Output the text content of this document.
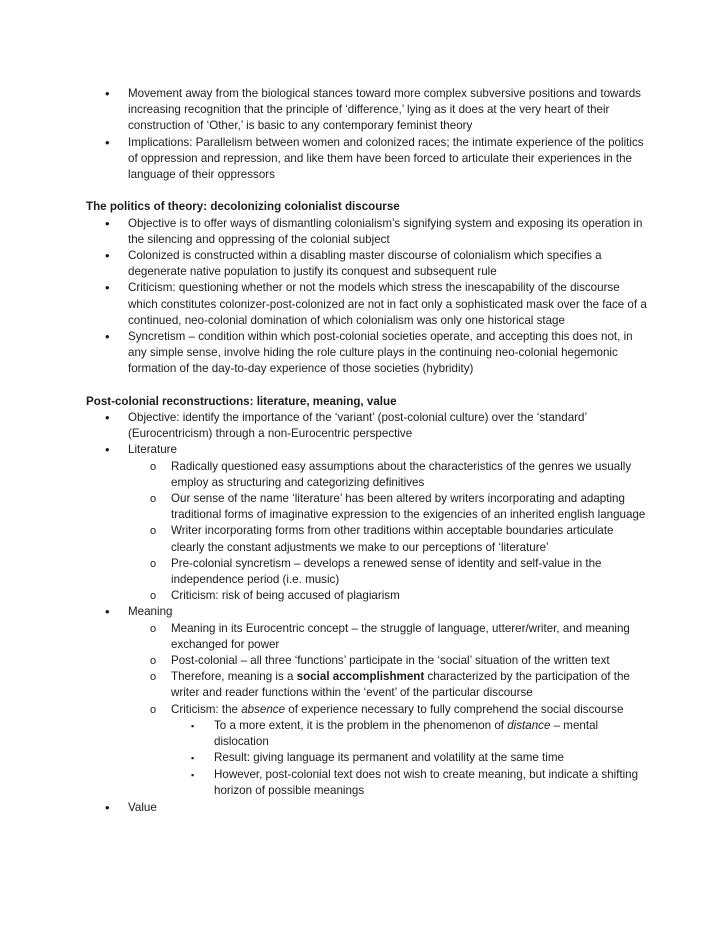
• Movement away from the biological stances toward more complex subversive positions and towards increasing recognition that the principle of ‘difference,’ lying as it does at the very heart of their construction of ‘Other,’ is basic to any contemporary feminist theory
• Implications: Parallelism between women and colonized races; the intimate experience of the politics of oppression and repression, and like them have been forced to articulate their experiences in the language of their oppressors

The politics of theory: decolonizing colonialist discourse

• Objective is to offer ways of dismantling colonialism’s signifying system and exposing its operation in the silencing and oppressing of the colonial subject
• Colonized is constructed within a disabling master discourse of colonialism which specifies a degenerate native population to justify its conquest and subsequent rule
• Criticism: questioning whether or not the models which stress the inescapability of the discourse which constitutes colonizer-post-colonized are not in fact only a sophisticated mask over the face of a continued, neo-colonial domination of which colonialism was only one historical stage
• Syncretism – condition within which post-colonial societies operate, and accepting this does not, in any simple sense, involve hiding the role culture plays in the continuing neo-colonial hegemonic formation of the day-to-day experience of those societies (hybridity)

Post-colonial reconstructions: literature, meaning, value

• Objective: identify the importance of the ‘variant’ (post-colonial culture) over the ‘standard’ (Eurocentricism) through a non-Eurocentric perspective
• Literature
o Radically questioned easy assumptions about the characteristics of the genres we usually employ as structuring and categorizing definitives
o Our sense of the name ‘literature’ has been altered by writers incorporating and adapting traditional forms of imaginative expression to the exigencies of an inherited english language
o Writer incorporating forms from other traditions within acceptable boundaries articulate clearly the constant adjustments we make to our perceptions of ‘literature’
o Pre-colonial syncretism – develops a renewed sense of identity and self-value in the independence period (i.e. music)
o Criticism: risk of being accused of plagiarism
• Meaning
o Meaning in its Eurocentric concept – the struggle of language, utterer/writer, and meaning exchanged for power
o Post-colonial – all three ‘functions’ participate in the ‘social’ situation of the written text
o Therefore, meaning is a social accomplishment characterized by the participation of the writer and reader functions within the ‘event’ of the particular discourse
o Criticism: the absence of experience necessary to fully comprehend the social discourse
▪ To a more extent, it is the problem in the phenomenon of distance – mental dislocation
▪ Result: giving language its permanent and volatility at the same time
▪ However, post-colonial text does not wish to create meaning, but indicate a shifting horizon of possible meanings
• Value
